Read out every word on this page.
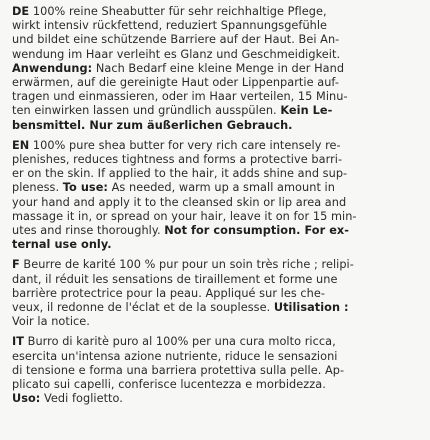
DE 100% reine Sheabutter für sehr reichhaltige Pflege,
wirkt intensiv rückfettend, reduziert Spannungsgefühle
und bildet eine schützende Barriere auf der Haut. Bei An-
wendung im Haar verleiht es Glanz und Geschmeidigkeit.
Anwendung: Nach Bedarf eine kleine Menge in der Hand
erwärmen, auf die gereinigte Haut oder Lippenpartie auf-
tragen und einmassieren, oder im Haar verteilen, 15 Minu-
ten einwirken lassen und gründlich ausspülen. Kein Le-
bensmittel. Nur zum äußerlichen Gebrauch.
EN 100% pure shea butter for very rich care intensely re-
plenishes, reduces tightness and forms a protective barri-
er on the skin. If applied to the hair, it adds shine and sup-
pleness. To use: As needed, warm up a small amount in
your hand and apply it to the cleansed skin or lip area and
massage it in, or spread on your hair, leave it on for 15 min-
utes and rinse thoroughly. Not for consumption. For ex-
ternal use only.
F Beurre de karité 100 % pur pour un soin très riche ; relipi-
dant, il réduit les sensations de tiraillement et forme une
barrière protectrice pour la peau. Appliqué sur les che-
veux, il redonne de l'éclat et de la souplesse. Utilisation :
Voir la notice.
IT Burro di karitè puro al 100% per una cura molto ricca,
esercita un'intensa azione nutriente, riduce le sensazioni
di tensione e forma una barriera protettiva sulla pelle. Ap-
plicato sui capelli, conferisce lucentezza e morbidezza.
Uso: Vedi foglietto.
